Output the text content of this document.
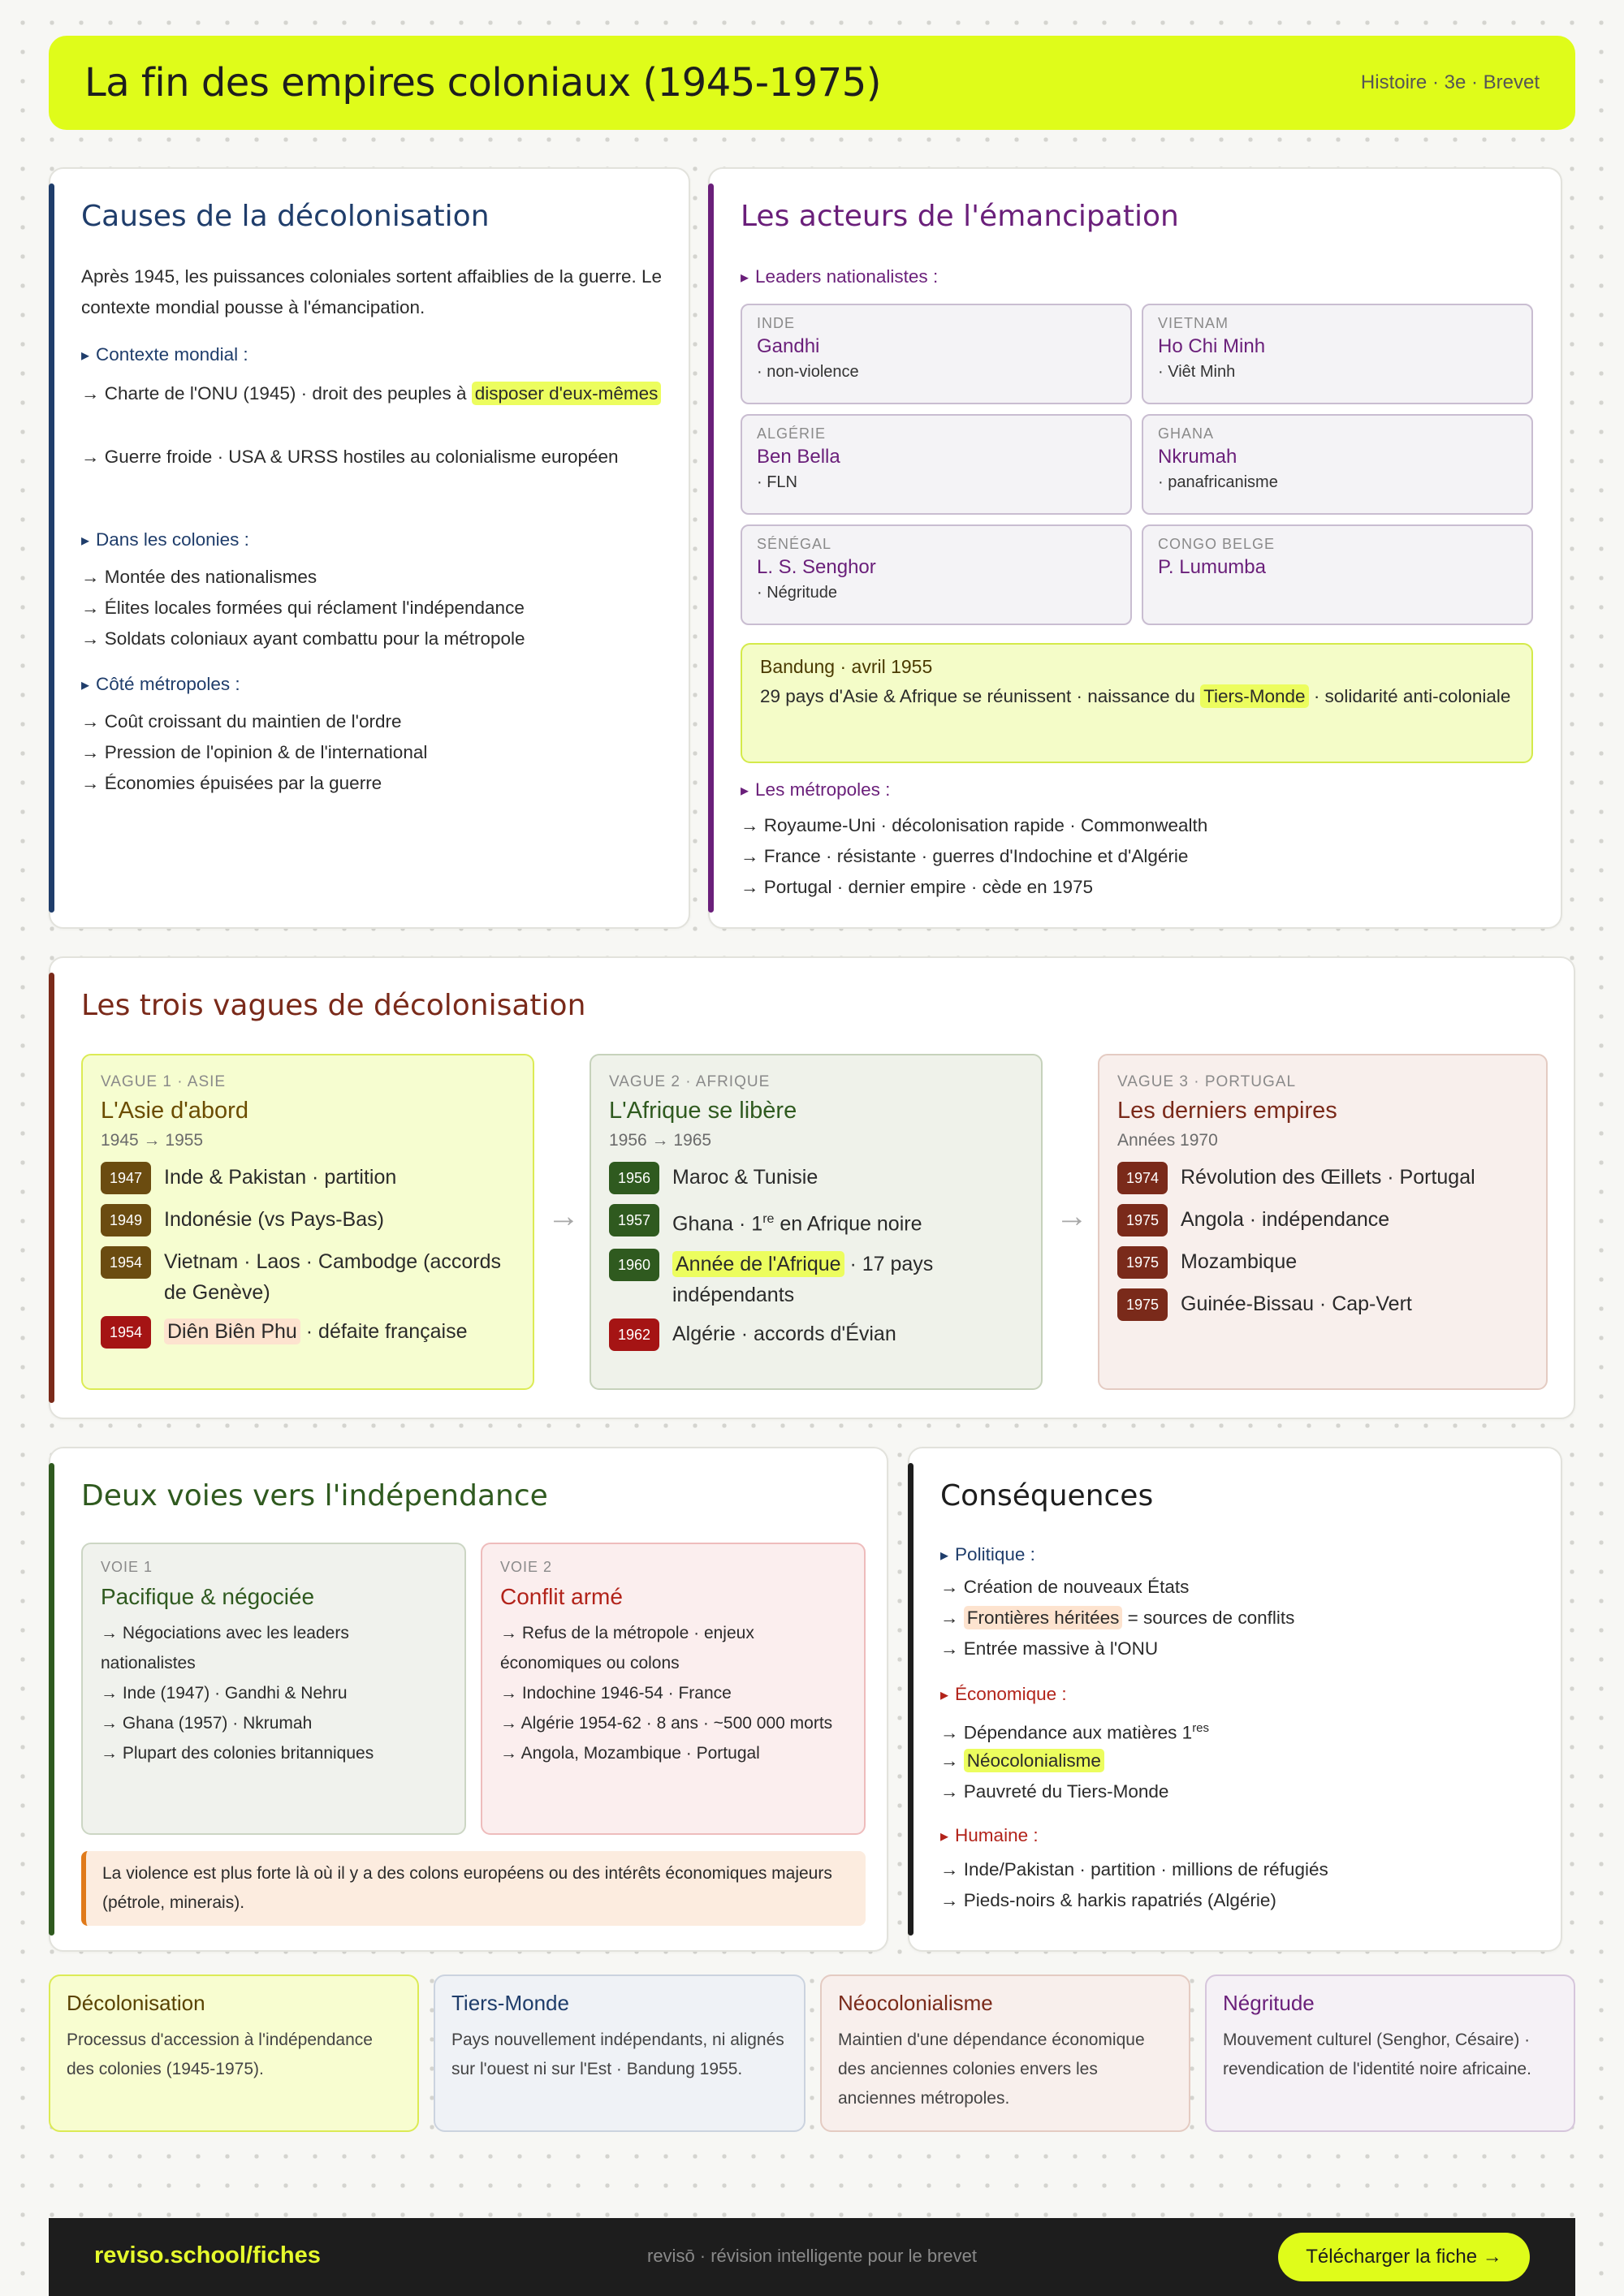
La fin des empires coloniaux (1945-1975)	Histoire · 3e · Brevet
Causes de la décolonisation
Après 1945, les puissances coloniales sortent affaiblies de la guerre. Le contexte mondial pousse à l'émancipation.
▸ Contexte mondial :
→ Charte de l'ONU (1945) · droit des peuples à disposer d'eux-mêmes
→ Guerre froide · USA & URSS hostiles au colonialisme européen
▸ Dans les colonies :
→ Montée des nationalismes
→ Élites locales formées qui réclament l'indépendance
→ Soldats coloniaux ayant combattu pour la métropole
▸ Côté métropoles :
→ Coût croissant du maintien de l'ordre
→ Pression de l'opinion & de l'international
→ Économies épuisées par la guerre
Les acteurs de l'émancipation
▸ Leaders nationalistes :
INDE
Gandhi
· non-violence
VIETNAM
Ho Chi Minh
· Viêt Minh
ALGÉRIE
Ben Bella
· FLN
GHANA
Nkrumah
· panafricanisme
SÉNÉGAL
L. S. Senghor
· Négritude
CONGO BELGE
P. Lumumba
Bandung · avril 1955
29 pays d'Asie & Afrique se réunissent · naissance du Tiers-Monde · solidarité anti-coloniale
▸ Les métropoles :
→ Royaume-Uni · décolonisation rapide · Commonwealth
→ France · résistante · guerres d'Indochine et d'Algérie
→ Portugal · dernier empire · cède en 1975
Les trois vagues de décolonisation
VAGUE 1 · ASIE
L'Asie d'abord
1945 → 1955
1947	Inde & Pakistan · partition
1949	Indonésie (vs Pays-Bas)
1954	Vietnam · Laos · Cambodge (accords de Genève)
1954	Diên Biên Phu · défaite française
→
VAGUE 2 · AFRIQUE
L'Afrique se libère
1956 → 1965
1956	Maroc & Tunisie
1957	Ghana · 1re en Afrique noire
1960	Année de l'Afrique · 17 pays indépendants
1962	Algérie · accords d'Évian
→
VAGUE 3 · PORTUGAL
Les derniers empires
Années 1970
1974	Révolution des Œillets · Portugal
1975	Angola · indépendance
1975	Mozambique
1975	Guinée-Bissau · Cap-Vert
Deux voies vers l'indépendance
VOIE 1
Pacifique & négociée
→ Négociations avec les leaders nationalistes
→ Inde (1947) · Gandhi & Nehru
→ Ghana (1957) · Nkrumah
→ Plupart des colonies britanniques
VOIE 2
Conflit armé
→ Refus de la métropole · enjeux économiques ou colons
→ Indochine 1946-54 · France
→ Algérie 1954-62 · 8 ans · ~500 000 morts
→ Angola, Mozambique · Portugal
La violence est plus forte là où il y a des colons européens ou des intérêts économiques majeurs (pétrole, minerais).
Conséquences
▸ Politique :
→ Création de nouveaux États
→ Frontières héritées = sources de conflits
→ Entrée massive à l'ONU
▸ Économique :
→ Dépendance aux matières 1res
→ Néocolonialisme
→ Pauvreté du Tiers-Monde
▸ Humaine :
→ Inde/Pakistan · partition · millions de réfugiés
→ Pieds-noirs & harkis rapatriés (Algérie)
Décolonisation
Processus d'accession à l'indépendance des colonies (1945-1975).
Tiers-Monde
Pays nouvellement indépendants, ni alignés sur l'ouest ni sur l'Est · Bandung 1955.
Néocolonialisme
Maintien d'une dépendance économique des anciennes colonies envers les anciennes métropoles.
Négritude
Mouvement culturel (Senghor, Césaire) · revendication de l'identité noire africaine.
reviso.school/fiches	revisō · révision intelligente pour le brevet	Télécharger la fiche →
